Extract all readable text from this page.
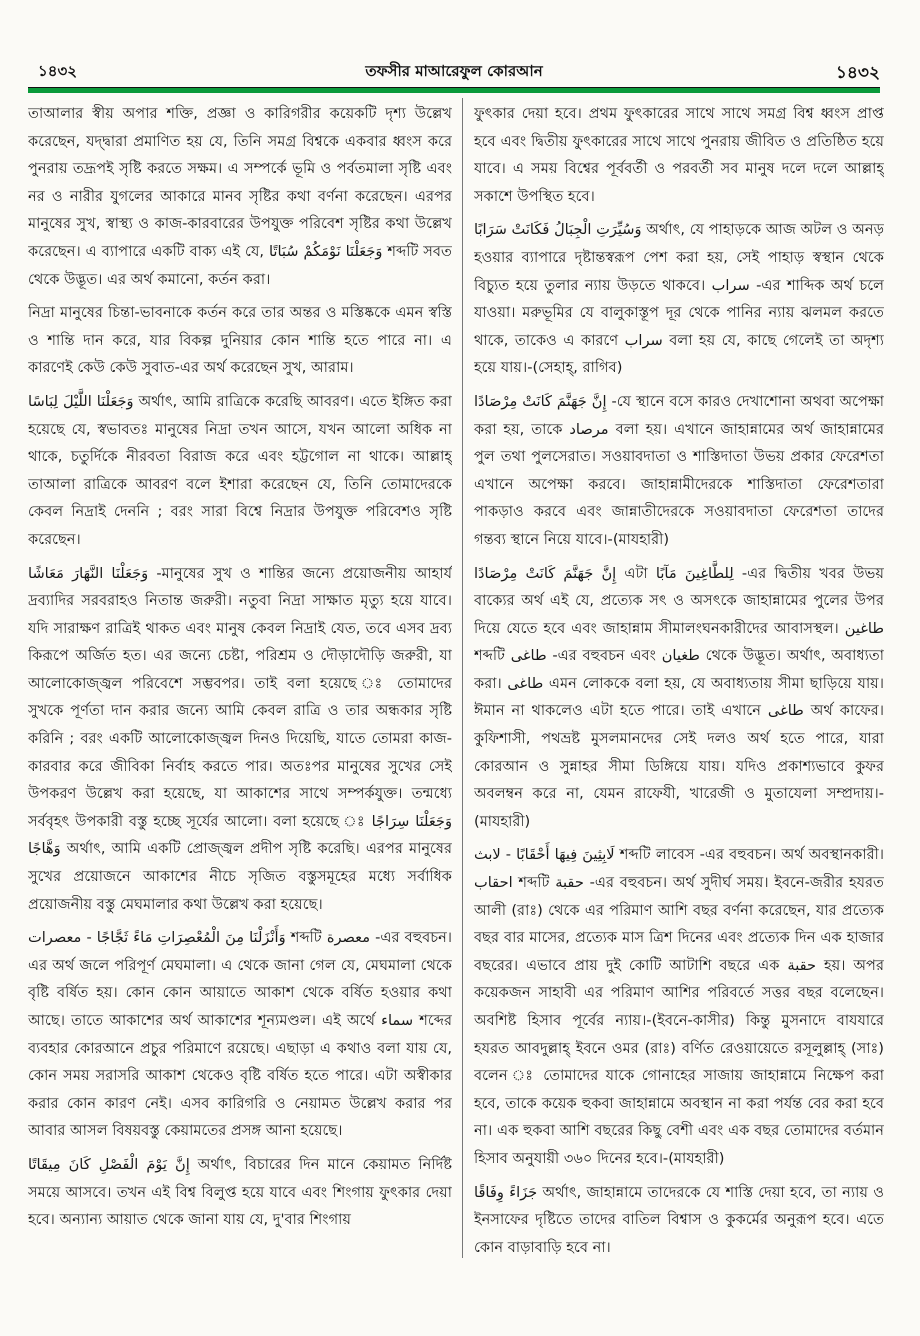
১৪৩২	তফসীর মাআরেফুল কোরআন	১৪৩২

তাআলার স্বীয় অপার শক্তি, প্রজ্ঞা ও কারিগরীর কয়েকটি দৃশ্য উল্লেখ করেছেন, যদ্দ্বারা প্রমাণিত হয় যে, তিনি সমগ্র বিশ্বকে একবার ধ্বংস করে পুনরায় তদ্রূপই সৃষ্টি করতে সক্ষম। এ সম্পর্কে ভূমি ও পর্বতমালা সৃষ্টি এবং নর ও নারীর যুগলের আকারে মানব সৃষ্টির কথা বর্ণনা করেছেন। এরপর মানুষের সুখ, স্বাস্থ্য ও কাজ-কারবারের উপযুক্ত পরিবেশ সৃষ্টির কথা উল্লেখ করেছেন। এ ব্যাপারে একটি বাক্য এই যে, وَجَعَلْنَا نَوْمَكُمْ سُبَاتًا শব্দটি সবত থেকে উদ্ভূত। এর অর্থ কমানো, কর্তন করা।

নিদ্রা মানুষের চিন্তা-ভাবনাকে কর্তন করে তার অন্তর ও মস্তিষ্ককে এমন স্বস্তি ও শান্তি দান করে, যার বিকল্প দুনিয়ার কোন শান্তি হতে পারে না। এ কারণেই কেউ কেউ সুবাত-এর অর্থ করেছেন সুখ, আরাম।

وَجَعَلْنَا اللَّيْلَ لِبَاسًا অর্থাৎ, আমি রাত্রিকে করেছি আবরণ। এতে ইঙ্গিত করা হয়েছে যে, স্বভাবতঃ মানুষের নিদ্রা তখন আসে, যখন আলো অধিক না থাকে, চতুর্দিকে নীরবতা বিরাজ করে এবং হট্টগোল না থাকে। আল্লাহ্ তাআলা রাত্রিকে আবরণ বলে ইশারা করেছেন যে, তিনি তোমাদেরকে কেবল নিদ্রাই দেননি ; বরং সারা বিশ্বে নিদ্রার উপযুক্ত পরিবেশও সৃষ্টি করেছেন।

وَجَعَلْنَا النَّهَارَ مَعَاشًا -মানুষের সুখ ও শান্তির জন্যে প্রয়োজনীয় আহার্য দ্রব্যাদির সরবরাহও নিতান্ত জরুরী। নতুবা নিদ্রা সাক্ষাত মৃত্যু হয়ে যাবে। যদি সারাক্ষণ রাত্রিই থাকত এবং মানুষ কেবল নিদ্রাই যেত, তবে এসব দ্রব্য কিরূপে অর্জিত হত। এর জন্যে চেষ্টা, পরিশ্রম ও দৌড়াদৌড়ি জরুরী, যা আলোকোজ্জ্বল পরিবেশে সম্ভবপর। তাই বলা হয়েছে ঃ তোমাদের সুখকে পূর্ণতা দান করার জন্যে আমি কেবল রাত্রি ও তার অন্ধকার সৃষ্টি করিনি ; বরং একটি আলোকোজ্জ্বল দিনও দিয়েছি, যাতে তোমরা কাজ-কারবার করে জীবিকা নির্বাহ করতে পার। অতঃপর মানুষের সুখের সেই উপকরণ উল্লেখ করা হয়েছে, যা আকাশের সাথে সম্পর্কযুক্ত। তন্মধ্যে সর্ববৃহৎ উপকারী বস্তু হচ্ছে সূর্যের আলো। বলা হয়েছে ঃ وَجَعَلْنَا سِرَاجًا وَهَّاجًا অর্থাৎ, আমি একটি প্রোজ্জ্বল প্রদীপ সৃষ্টি করেছি। এরপর মানুষের সুখের প্রয়োজনে আকাশের নীচে সৃজিত বস্তুসমূহের মধ্যে সর্বাধিক প্রয়োজনীয় বস্তু মেঘমালার কথা উল্লেখ করা হয়েছে।

وَأَنْزَلْنَا مِنَ الْمُعْصِرَاتِ مَاءً ثَجَّاجًا - معصرات শব্দটি معصرة -এর বহুবচন। এর অর্থ জলে পরিপূর্ণ মেঘমালা। এ থেকে জানা গেল যে, মেঘমালা থেকে বৃষ্টি বর্ষিত হয়। কোন কোন আয়াতে আকাশ থেকে বর্ষিত হওয়ার কথা আছে। তাতে আকাশের অর্থ আকাশের শূন্যমণ্ডল। এই অর্থে سماء শব্দের ব্যবহার কোরআনে প্রচুর পরিমাণে রয়েছে। এছাড়া এ কথাও বলা যায় যে, কোন সময় সরাসরি আকাশ থেকেও বৃষ্টি বর্ষিত হতে পারে। এটা অস্বীকার করার কোন কারণ নেই। এসব কারিগরি ও নেয়ামত উল্লেখ করার পর আবার আসল বিষয়বস্তু কেয়ামতের প্রসঙ্গ আনা হয়েছে।

إِنَّ يَوْمَ الْفَصْلِ كَانَ مِيقَاتًا অর্থাৎ, বিচারের দিন মানে কেয়ামত নির্দিষ্ট সময়ে আসবে। তখন এই বিশ্ব বিলুপ্ত হয়ে যাবে এবং শিংগায় ফুৎকার দেয়া হবে। অন্যান্য আয়াত থেকে জানা যায় যে, দু'বার শিংগায়

ফুৎকার দেয়া হবে। প্রথম ফুৎকারের সাথে সাথে সমগ্র বিশ্ব ধ্বংস প্রাপ্ত হবে এবং দ্বিতীয় ফুৎকারের সাথে সাথে পুনরায় জীবিত ও প্রতিষ্ঠিত হয়ে যাবে। এ সময় বিশ্বের পূর্ববর্তী ও পরবর্তী সব মানুষ দলে দলে আল্লাহ্ সকাশে উপস্থিত হবে।

وَسُيِّرَتِ الْجِبَالُ فَكَانَتْ سَرَابًا অর্থাৎ, যে পাহাড়কে আজ অটল ও অনড় হওয়ার ব্যাপারে দৃষ্টান্তস্বরূপ পেশ করা হয়, সেই পাহাড় স্বস্থান থেকে বিচ্যুত হয়ে তুলার ন্যায় উড়তে থাকবে। سراب -এর শাব্দিক অর্থ চলে যাওয়া। মরুভূমির যে বালুকাস্তূপ দূর থেকে পানির ন্যায় ঝলমল করতে থাকে, তাকেও এ কারণে سراب বলা হয় যে, কাছে গেলেই তা অদৃশ্য হয়ে যায়।-(সেহাহ্, রাগিব)

إِنَّ جَهَنَّمَ كَانَتْ مِرْصَادًا -যে স্থানে বসে কারও দেখাশোনা অথবা অপেক্ষা করা হয়, তাকে مرصاد বলা হয়। এখানে জাহান্নামের অর্থ জাহান্নামের পুল তথা পুলসেরাত। সওয়াবদাতা ও শাস্তিদাতা উভয় প্রকার ফেরেশতা এখানে অপেক্ষা করবে। জাহান্নামীদেরকে শাস্তিদাতা ফেরেশতারা পাকড়াও করবে এবং জান্নাতীদেরকে সওয়াবদাতা ফেরেশতা তাদের গন্তব্য স্থানে নিয়ে যাবে।-(মাযহারী)

إِنَّ جَهَنَّمَ كَانَتْ مِرْصَادًا এটা لِلطَّاغِينَ مَآبًا -এর দ্বিতীয় খবর উভয় বাক্যের অর্থ এই যে, প্রত্যেক সৎ ও অসৎকে জাহান্নামের পুলের উপর দিয়ে যেতে হবে এবং জাহান্নাম সীমালংঘনকারীদের আবাসস্থল। طاغين শব্দটি طاغى -এর বহুবচন এবং طغيان থেকে উদ্ভূত। অর্থাৎ, অবাধ্যতা করা। طاغى এমন লোককে বলা হয়, যে অবাধ্যতায় সীমা ছাড়িয়ে যায়। ঈমান না থাকলেও এটা হতে পারে। তাই এখানে طاغى অর্থ কাফের। কুফিশাসী, পথভ্রষ্ট মুসলমানদের সেই দলও অর্থ হতে পারে, যারা কোরআন ও সুন্নাহর সীমা ডিঙ্গিয়ে যায়। যদিও প্রকাশ্যভাবে কুফর অবলম্বন করে না, যেমন রাফেযী, খারেজী ও মুতাযেলা সম্প্রদায়।-(মাযহারী)

لَابِثِينَ فِيهَا أَحْقَابًا - لابث শব্দটি লাবেস -এর বহুবচন। অর্থ অবস্থানকারী। احقاب শব্দটি حقبة -এর বহুবচন। অর্থ সুদীর্ঘ সময়। ইবনে-জরীর হযরত আলী (রাঃ) থেকে এর পরিমাণ আশি বছর বর্ণনা করেছেন, যার প্রত্যেক বছর বার মাসের, প্রত্যেক মাস ত্রিশ দিনের এবং প্রত্যেক দিন এক হাজার বছরের। এভাবে প্রায় দুই কোটি আটাশি বছরে এক حقبة হয়। অপর কয়েকজন সাহাবী এর পরিমাণ আশির পরিবর্তে সত্তর বছর বলেছেন। অবশিষ্ট হিসাব পূর্বের ন্যায়।-(ইবনে-কাসীর) কিন্তু মুসনাদে বাযযারে হযরত আবদুল্লাহ্ ইবনে ওমর (রাঃ) বর্ণিত রেওয়ায়েতে রসূলুল্লাহ্ (সাঃ) বলেন ঃ তোমাদের যাকে গোনাহের সাজায় জাহান্নামে নিক্ষেপ করা হবে, তাকে কয়েক হুকবা জাহান্নামে অবস্থান না করা পর্যন্ত বের করা হবে না। এক হুকবা আশি বছরের কিছু বেশী এবং এক বছর তোমাদের বর্তমান হিসাব অনুযায়ী ৩৬০ দিনের হবে।-(মাযহারী)

جَزَاءً وِفَاقًا অর্থাৎ, জাহান্নামে তাদেরকে যে শাস্তি দেয়া হবে, তা ন্যায় ও ইনসাফের দৃষ্টিতে তাদের বাতিল বিশ্বাস ও কুকর্মের অনুরূপ হবে। এতে কোন বাড়াবাড়ি হবে না।
